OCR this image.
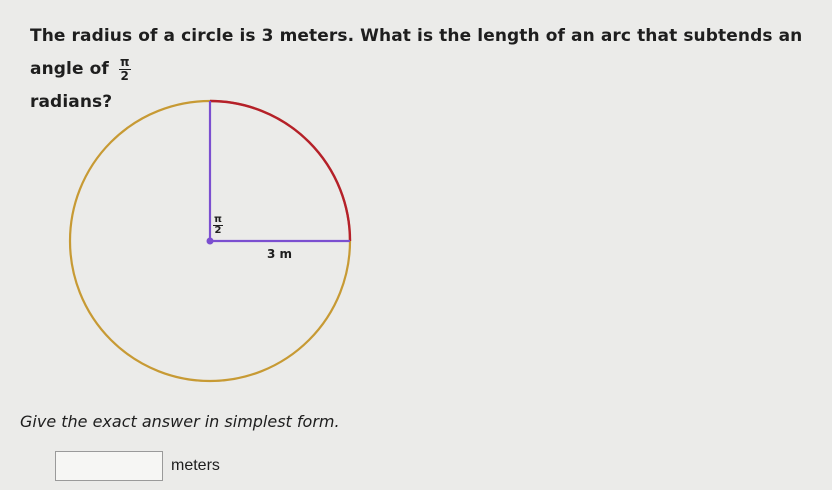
The radius of a circle is 3 meters. What is the length of an arc that subtends an angle of $\frac{\pi}{2}$

radians?
$\frac{\pi}{2}$
3 m
Give the exact answer in simplest form.
meters
